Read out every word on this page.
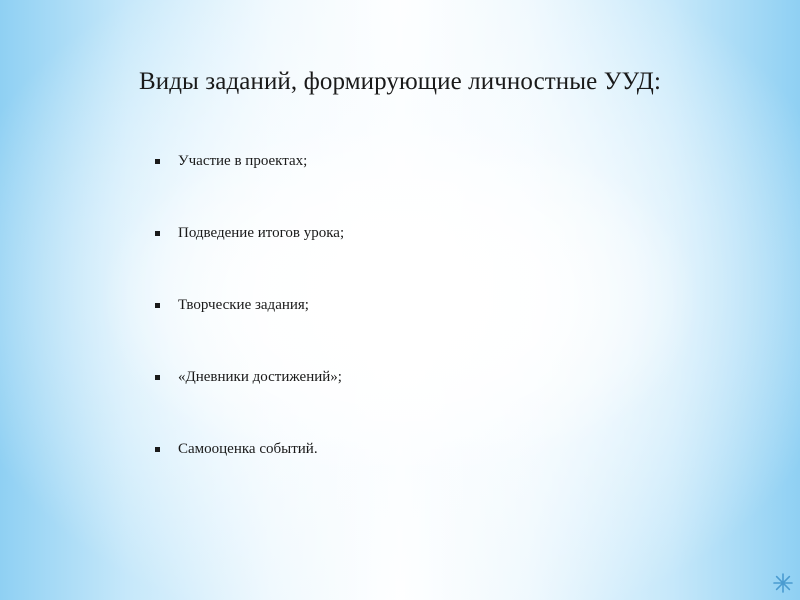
Виды заданий, формирующие личностные УУД:
Участие в проектах;
Подведение итогов урока;
Творческие задания;
«Дневники достижений»;
Самооценка событий.
